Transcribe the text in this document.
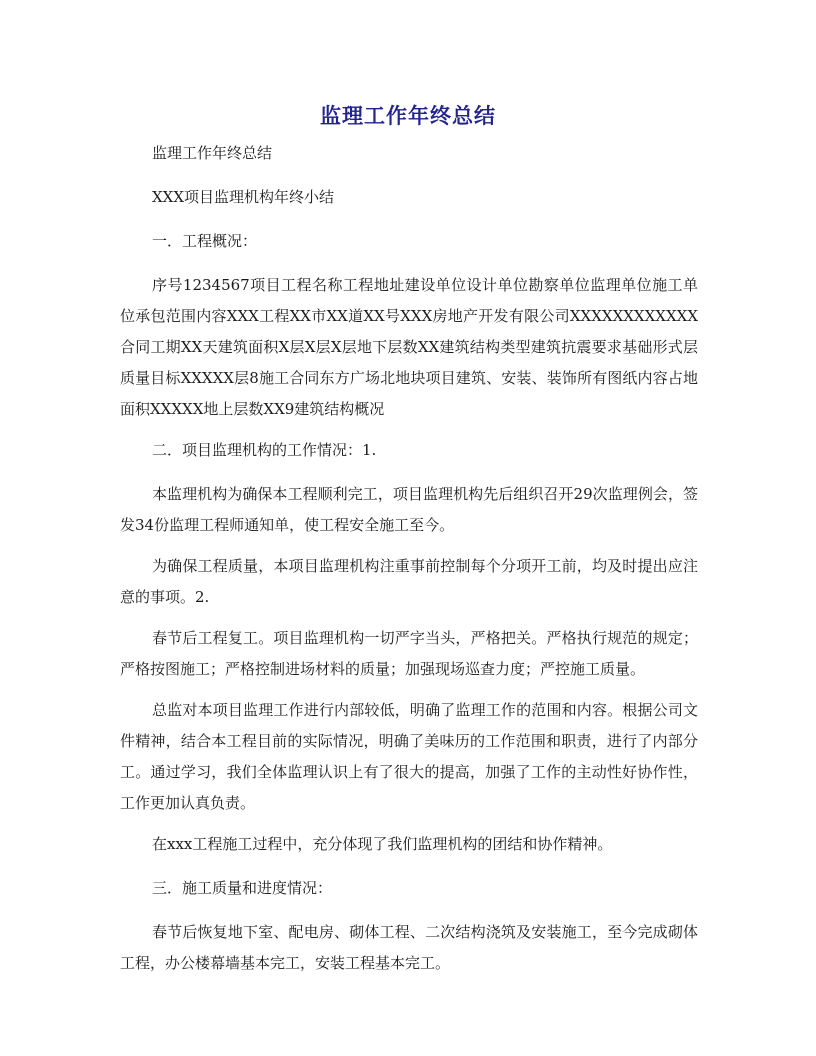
监理工作年终总结

监理工作年终总结

XXX项目监理机构年终小结

一．工程概况：

序号1234567项目工程名称工程地址建设单位设计单位勘察单位监理单位施工单位承包范围内容XXX工程XX市XX道XX号XXX房地产开发有限公司XXXXXXXXXXXX合同工期XX天建筑面积X层X层X层地下层数XX建筑结构类型建筑抗震要求基础形式层质量目标XXXXX层8施工合同东方广场北地块项目建筑、安装、装饰所有图纸内容占地面积XXXXX地上层数XX9建筑结构概况

二．项目监理机构的工作情况：1.

本监理机构为确保本工程顺利完工，项目监理机构先后组织召开29次监理例会，签发34份监理工程师通知单，使工程安全施工至今。

为确保工程质量，本项目监理机构注重事前控制每个分项开工前，均及时提出应注意的事项。2.

春节后工程复工。项目监理机构一切严字当头，严格把关。严格执行规范的规定；严格按图施工；严格控制进场材料的质量；加强现场巡查力度；严控施工质量。

总监对本项目监理工作进行内部较低，明确了监理工作的范围和内容。根据公司文件精神，结合本工程目前的实际情况，明确了美味历的工作范围和职责，进行了内部分工。通过学习，我们全体监理认识上有了很大的提高，加强了工作的主动性好协作性，工作更加认真负责。

在xxx工程施工过程中，充分体现了我们监理机构的团结和协作精神。

三．施工质量和进度情况：

春节后恢复地下室、配电房、砌体工程、二次结构浇筑及安装施工，至今完成砌体工程，办公楼幕墙基本完工，安装工程基本完工。
